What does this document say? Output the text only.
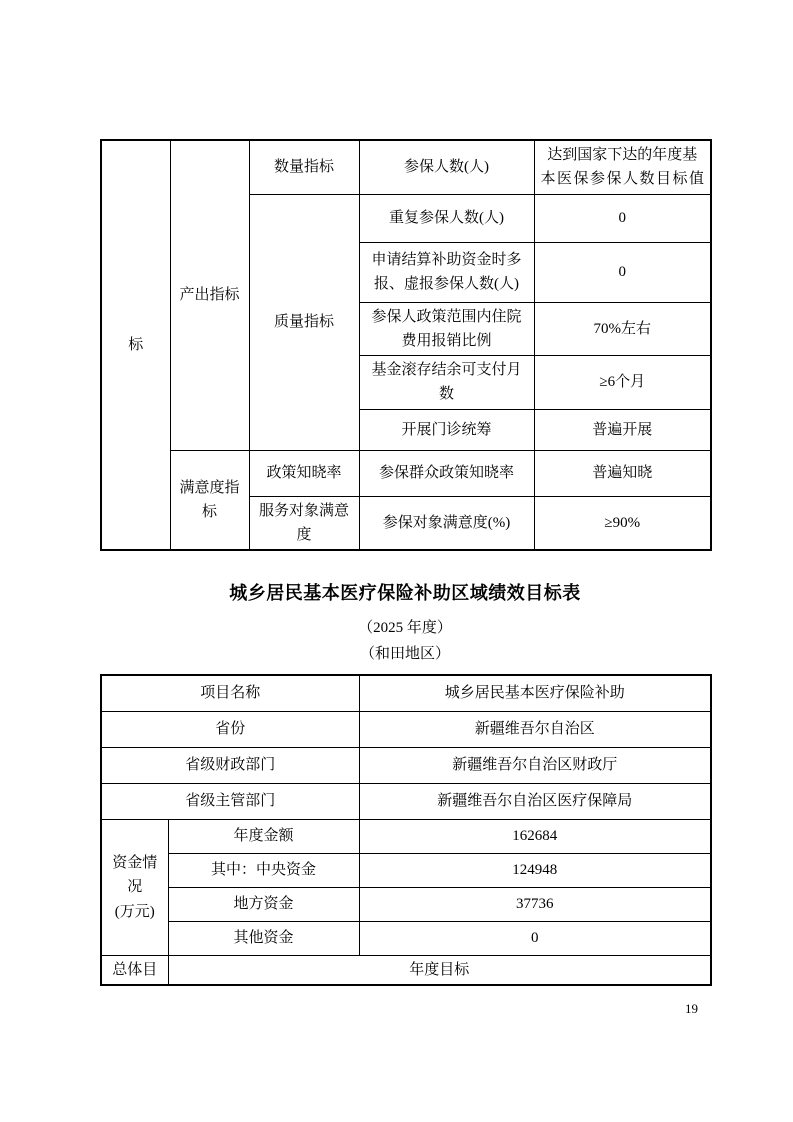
标	产出指标	数量指标	参保人数(人)	达到国家下达的年度基本医保参保人数目标值
		质量指标	重复参保人数(人)	0
			申请结算补助资金时多报、虚报参保人数(人)	0
			参保人政策范围内住院费用报销比例	70%左右
			基金滚存结余可支付月数	≥6个月
			开展门诊统筹	普遍开展
	满意度指标	政策知晓率	参保群众政策知晓率	普遍知晓
		服务对象满意度	参保对象满意度(%)	≥90%
城乡居民基本医疗保险补助区域绩效目标表
（2025 年度）
（和田地区）
项目名称		城乡居民基本医疗保险补助
省份		新疆维吾尔自治区
省级财政部门		新疆维吾尔自治区财政厅
省级主管部门		新疆维吾尔自治区医疗保障局

资金情况
(万元)	年度金额	162684
	其中：中央资金	124948
	地方资金	37736
	其他资金	0
总体目	年度目标	
19
